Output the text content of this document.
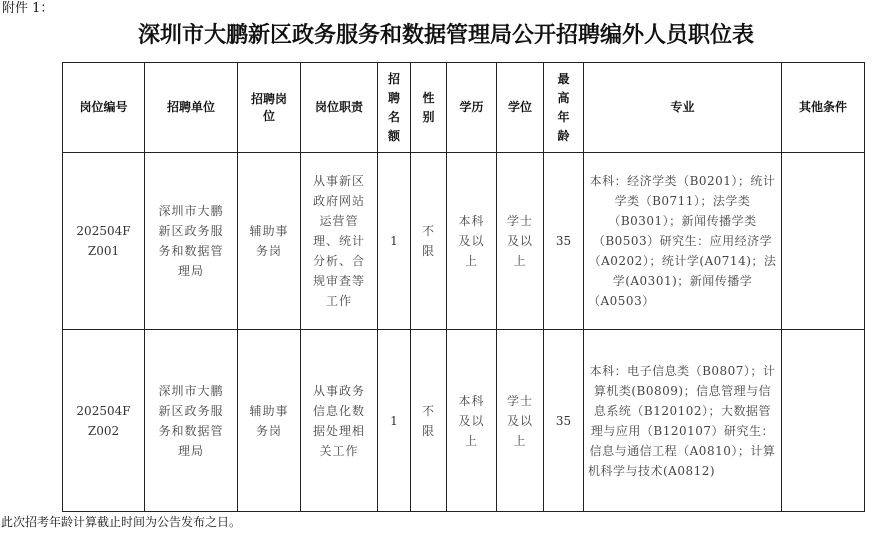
附件 1：
深圳市大鹏新区政务服务和数据管理局公开招聘编外人员职位表
岗位编号	招聘单位	招聘岗位	岗位职责	招聘名额	性别	学历	学位	最高年龄	专业	其他条件
202504FZ001	深圳市大鹏新区政务服务和数据管理局	辅助事务岗	从事新区政府网站运营管理、统计分析、合规审查等工作	1	不限	本科及以上	学士及以上	35	本科：经济学类（B0201）；统计学类（B0711）；法学类（B0301）；新闻传播学类（B0503）研究生：应用经济学（A0202）；统计学(A0714)；法学(A0301)；新闻传播学（A0503）	
202504FZ002	深圳市大鹏新区政务服务和数据管理局	辅助事务岗	从事政务信息化数据处理相关工作	1	不限	本科及以上	学士及以上	35	本科：电子信息类（B0807）；计算机类(B0809)；信息管理与信息系统（B120102）；大数据管理与应用（B120107）研究生：信息与通信工程（A0810）；计算机科学与技术(A0812)	
此次招考年龄计算截止时间为公告发布之日。
